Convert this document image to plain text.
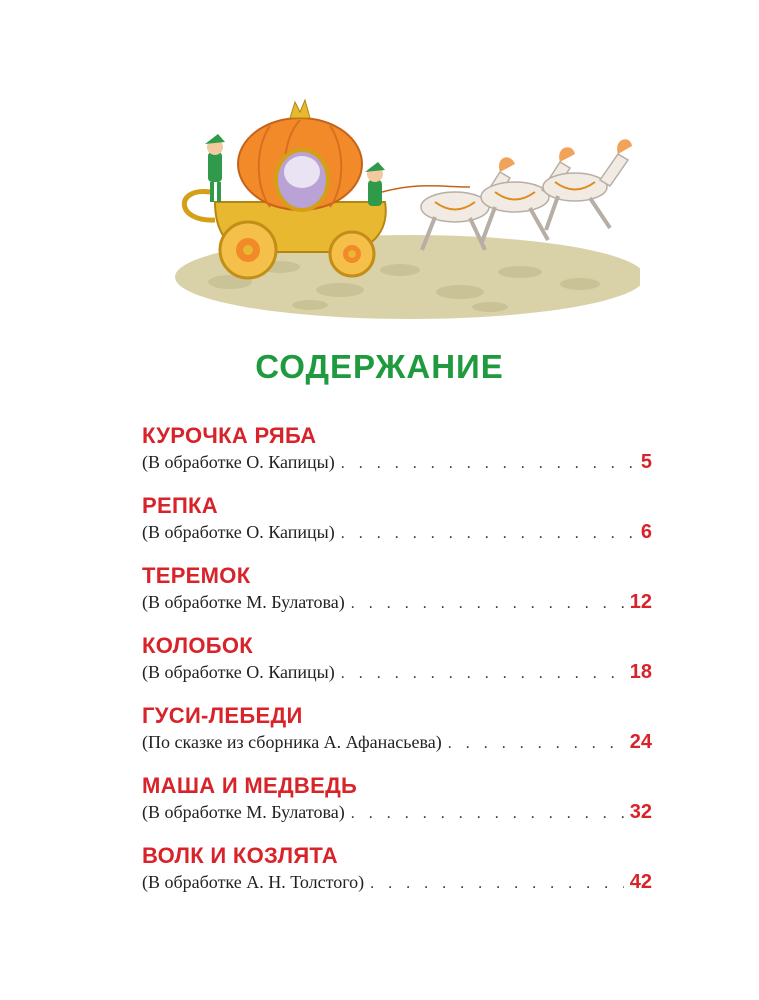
СОДЕРЖАНИЕ
КУРОЧКА РЯБА
(В обработке О. Капицы) . . .	5
РЕПКА
(В обработке О. Капицы) . . .	6
ТЕРЕМОК
(В обработке М. Булатова) . . .	12
КОЛОБОК
(В обработке О. Капицы) . . .	18
ГУСИ-ЛЕБЕДИ
(По сказке из сборника А. Афанасьева) . . .	24
МАША И МЕДВЕДЬ
(В обработке М. Булатова) . . .	32
ВОЛК И КОЗЛЯТА
(В обработке А. Н. Толстого) . . .	42
